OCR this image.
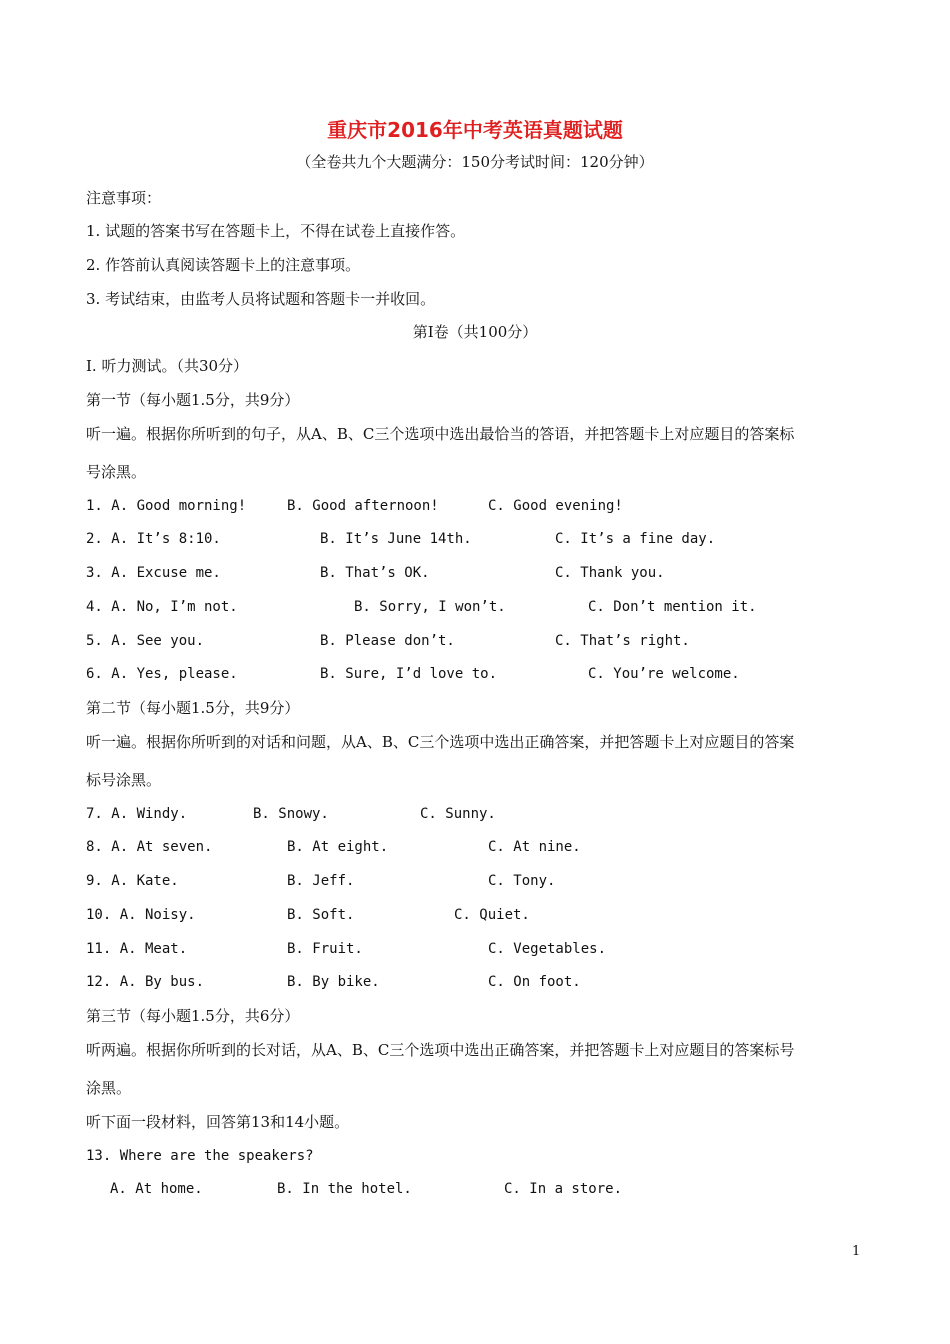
重庆市2016年中考英语真题试题
（全卷共九个大题满分：150分考试时间：120分钟）
注意事项：
1. 试题的答案书写在答题卡上，不得在试卷上直接作答。
2. 作答前认真阅读答题卡上的注意事项。
3. 考试结束，由监考人员将试题和答题卡一并收回。
第I卷（共100分）
I. 听力测试。（共30分）
第一节（每小题1.5分，共9分）
听一遍。根据你所听到的句子，从A、B、C三个选项中选出最恰当的答语，并把答题卡上对应题目的答案标
号涂黑。
1. A. Good morning!	B. Good afternoon!	C. Good evening!
2. A. It’s 8:10.	B. It’s June 14th.	C. It’s a fine day.
3. A. Excuse me.	B. That’s OK.	C. Thank you.
4. A. No, I’m not.	B. Sorry, I won’t.	C. Don’t mention it.
5. A. See you.	B. Please don’t.	C. That’s right.
6. A. Yes, please.	B. Sure, I’d love to.	C. You’re welcome.
第二节（每小题1.5分，共9分）
听一遍。根据你所听到的对话和问题，从A、B、C三个选项中选出正确答案，并把答题卡上对应题目的答案
标号涂黑。
7. A. Windy.	B. Snowy.	C. Sunny.
8. A. At seven.	B. At eight.	C. At nine.
9. A. Kate.	B. Jeff.	C. Tony.
10. A. Noisy.	B. Soft.	C. Quiet.
11. A. Meat.	B. Fruit.	C. Vegetables.
12. A. By bus.	B. By bike.	C. On foot.
第三节（每小题1.5分，共6分）
听两遍。根据你所听到的长对话，从A、B、C三个选项中选出正确答案，并把答题卡上对应题目的答案标号
涂黑。
听下面一段材料，回答第13和14小题。
13. Where are the speakers?
A. At home.	B. In the hotel.	C. In a store.
1
